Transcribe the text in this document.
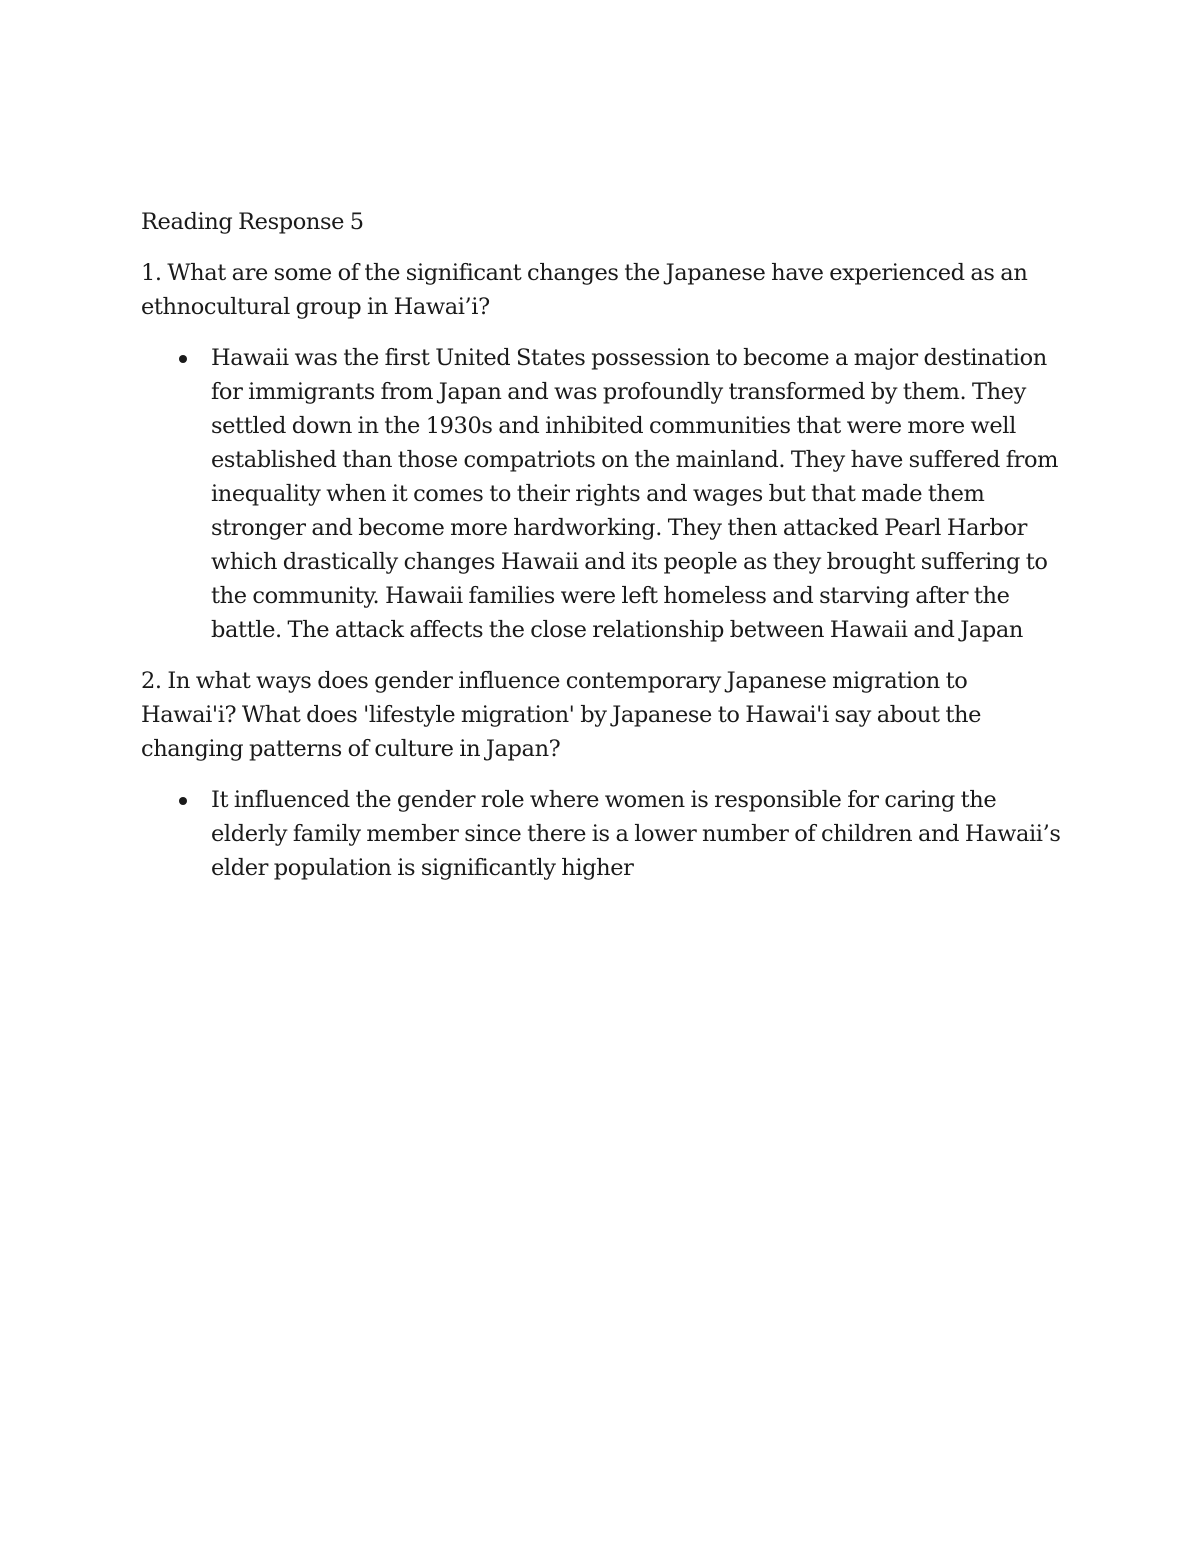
Reading Response 5

1. What are some of the significant changes the Japanese have experienced as an ethnocultural group in Hawai’i?

Hawaii was the first United States possession to become a major destination for immigrants from Japan and was profoundly transformed by them. They settled down in the 1930s and inhibited communities that were more well established than those compatriots on the mainland. They have suffered from inequality when it comes to their rights and wages but that made them stronger and become more hardworking. They then attacked Pearl Harbor which drastically changes Hawaii and its people as they brought suffering to the community. Hawaii families were left homeless and starving after the battle. The attack affects the close relationship between Hawaii and Japan

2. In what ways does gender influence contemporary Japanese migration to Hawai'i? What does 'lifestyle migration' by Japanese to Hawai'i say about the changing patterns of culture in Japan?

It influenced the gender role where women is responsible for caring the elderly family member since there is a lower number of children and Hawaii’s elder population is significantly higher
